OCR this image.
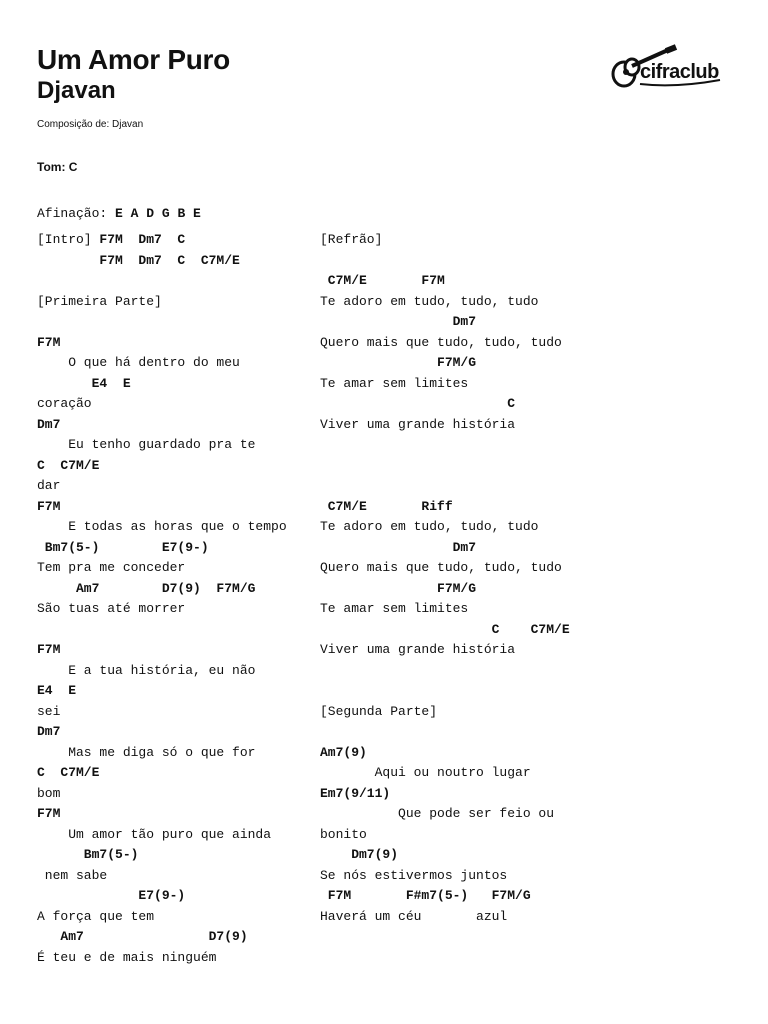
Um Amor Puro
Djavan
Composição de: Djavan
Tom: C
cifraclub
Afinação: E A D G B E
[Intro] F7M  Dm7  C
F7M  Dm7  C  C7M/E
[Primeira Parte]
F7M
O que há dentro do meu
E4  E
coração
Dm7
Eu tenho guardado pra te
C  C7M/E
dar
F7M
E todas as horas que o tempo
Bm7(5-)        E7(9-)
Tem pra me conceder
Am7        D7(9)  F7M/G
São tuas até morrer
F7M
E a tua história, eu não
E4  E
sei
Dm7
Mas me diga só o que for
C  C7M/E
bom
F7M
Um amor tão puro que ainda
Bm7(5-)
nem sabe
E7(9-)
A força que tem
Am7                D7(9)
É teu e de mais ninguém
[Refrão]
C7M/E       F7M
Te adoro em tudo, tudo, tudo
Dm7
Quero mais que tudo, tudo, tudo
F7M/G
Te amar sem limites
C
Viver uma grande história
C7M/E       Riff
Te adoro em tudo, tudo, tudo
Dm7
Quero mais que tudo, tudo, tudo
F7M/G
Te amar sem limites
C    C7M/E
Viver uma grande história
[Segunda Parte]
Am7(9)
Aqui ou noutro lugar
Em7(9/11)
Que pode ser feio ou
bonito
Dm7(9)
Se nós estivermos juntos
F7M       F#m7(5-)   F7M/G
Haverá um céu       azul
